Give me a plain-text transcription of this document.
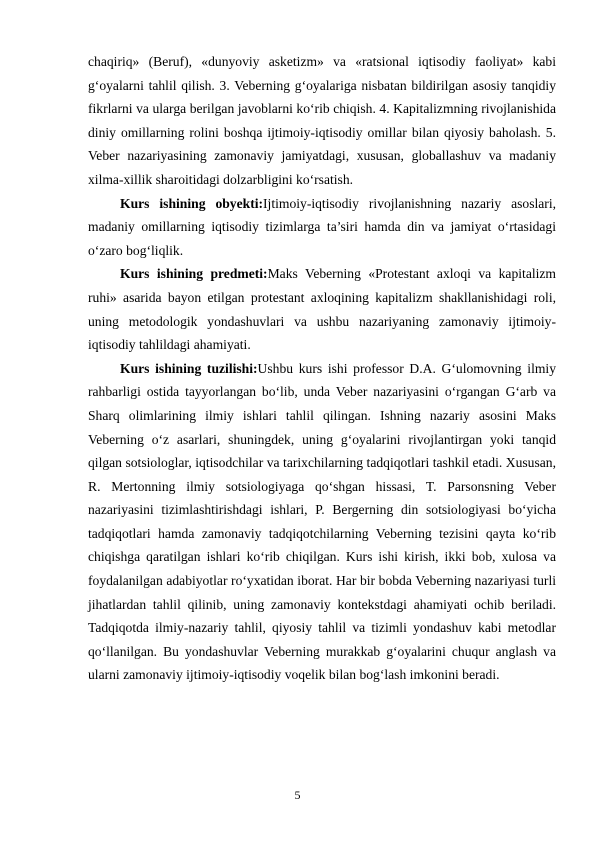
chaqiriq» (Beruf), «dunyoviy asketizm» va «ratsional iqtisodiy faoliyat» kabi g‘oyalarni tahlil qilish. 3. Veberning g‘oyalariga nisbatan bildirilgan asosiy tanqidiy fikrlarni va ularga berilgan javoblarni ko‘rib chiqish. 4. Kapitalizmning rivojlanishida diniy omillarning rolini boshqa ijtimoiy-iqtisodiy omillar bilan qiyosiy baholash. 5. Veber nazariyasining zamonaviy jamiyatdagi, xususan, globallashuv va madaniy xilma-xillik sharoitidagi dolzarbligini ko‘rsatish.

Kurs ishining obyekti:Ijtimoiy-iqtisodiy rivojlanishning nazariy asoslari, madaniy omillarning iqtisodiy tizimlarga ta’siri hamda din va jamiyat o‘rtasidagi o‘zaro bog‘liqlik.

Kurs ishining predmeti:Maks Veberning «Protestant axloqi va kapitalizm ruhi» asarida bayon etilgan protestant axloqining kapitalizm shakllanishidagi roli, uning metodologik yondashuvlari va ushbu nazariyaning zamonaviy ijtimoiy-iqtisodiy tahlildagi ahamiyati.

Kurs ishining tuzilishi:Ushbu kurs ishi professor D.A. G‘ulomovning ilmiy rahbarligi ostida tayyorlangan bo‘lib, unda Veber nazariyasini o‘rgangan G‘arb va Sharq olimlarining ilmiy ishlari tahlil qilingan. Ishning nazariy asosini Maks Veberning o‘z asarlari, shuningdek, uning g‘oyalarini rivojlantirgan yoki tanqid qilgan sotsiologlar, iqtisodchilar va tarixchilarning tadqiqotlari tashkil etadi. Xususan, R. Mertonning ilmiy sotsiologiyaga qo‘shgan hissasi, T. Parsonsning Veber nazariyasini tizimlashtirishdagi ishlari, P. Bergerning din sotsiologiyasi bo‘yicha tadqiqotlari hamda zamonaviy tadqiqotchilarning Veberning tezisini qayta ko‘rib chiqishga qaratilgan ishlari ko‘rib chiqilgan. Kurs ishi kirish, ikki bob, xulosa va foydalanilgan adabiyotlar ro‘yxatidan iborat. Har bir bobda Veberning nazariyasi turli jihatlardan tahlil qilinib, uning zamonaviy kontekstdagi ahamiyati ochib beriladi. Tadqiqotda ilmiy-nazariy tahlil, qiyosiy tahlil va tizimli yondashuv kabi metodlar qo‘llanilgan. Bu yondashuvlar Veberning murakkab g‘oyalarini chuqur anglash va ularni zamonaviy ijtimoiy-iqtisodiy voqelik bilan bog‘lash imkonini beradi.

5
